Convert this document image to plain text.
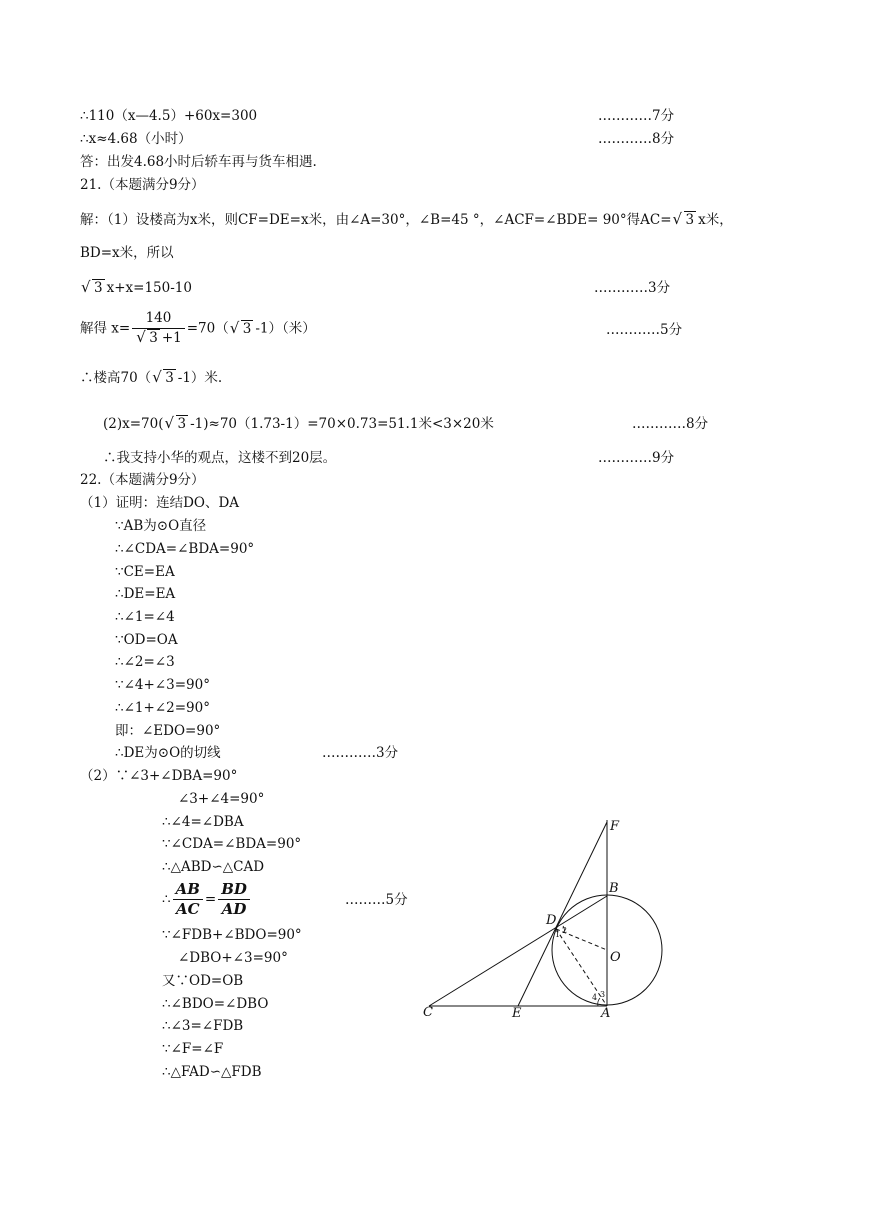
∴110（x—4.5）+60x=300	…………7分
∴x≈4.68（小时）	…………8分
答：出发4.68小时后轿车再与货车相遇.
21.（本题满分9分）
解：（1）设楼高为x米，则CF=DE=x米，由∠A=30°，∠B=45 °，∠ACF=∠BDE= 90°得AC= √ 3 x米，
BD=x米，所以
√ 3 x+x=150-10	…………3分
解得 x= 140
√ 3 +1 =70（ √ 3 -1）（米）	…………5分
∴楼高70（ √ 3 -1）米.
(2)x=70( √ 3 -1)≈70（1.73-1）=70×0.73=51.1米<3×20米	…………8分
∴我支持小华的观点，这楼不到20层。	…………9分
22.（本题满分9分）
（1）证明：连结DO、DA
∵AB为⊙O直径
∴∠CDA=∠BDA=90°
∵CE=EA
∴DE=EA
∴∠1=∠4
∵OD=OA
∴∠2=∠3
∵∠4+∠3=90°
∴∠1+∠2=90°
即：∠EDO=90°
∴DE为⊙O的切线	…………3分
（2）∵∠3+∠DBA=90°
∠3+∠4=90°
∴∠4=∠DBA
∵∠CDA=∠BDA=90°
∴△ABD∽△CAD
∴ $\frac{AB}{AC} = \frac{BD}{AD}$	………5分
∵∠FDB+∠BDO=90°
∠DBO+∠3=90°
又∵OD=OB
∴∠BDO=∠DBO
∴∠3=∠FDB
∵∠F=∠F
∴△FAD∽△FDB
F
B
D
O
C	E	A
1 2
3
4
